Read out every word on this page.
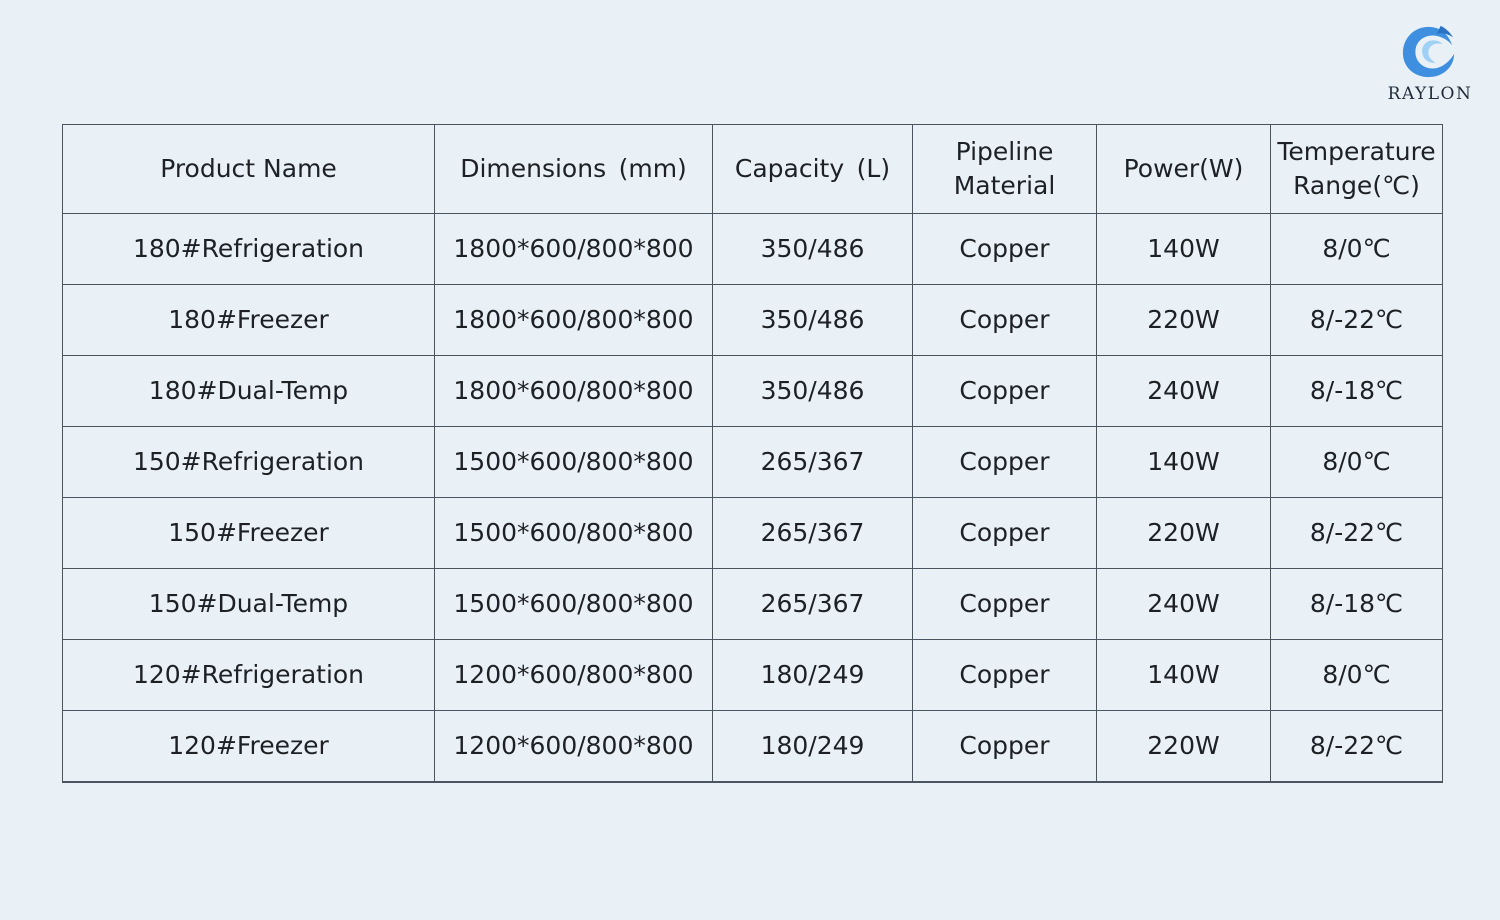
RAYLON
Product Name	Dimensions (mm)	Capacity (L)	Pipeline Material	Power(W)	Temperature Range(℃)
180#Refrigeration	1800*600/800*800	350/486	Copper	140W	8/0℃
180#Freezer	1800*600/800*800	350/486	Copper	220W	8/-22℃
180#Dual-Temp	1800*600/800*800	350/486	Copper	240W	8/-18℃
150#Refrigeration	1500*600/800*800	265/367	Copper	140W	8/0℃
150#Freezer	1500*600/800*800	265/367	Copper	220W	8/-22℃
150#Dual-Temp	1500*600/800*800	265/367	Copper	240W	8/-18℃
120#Refrigeration	1200*600/800*800	180/249	Copper	140W	8/0℃
120#Freezer	1200*600/800*800	180/249	Copper	220W	8/-22℃
